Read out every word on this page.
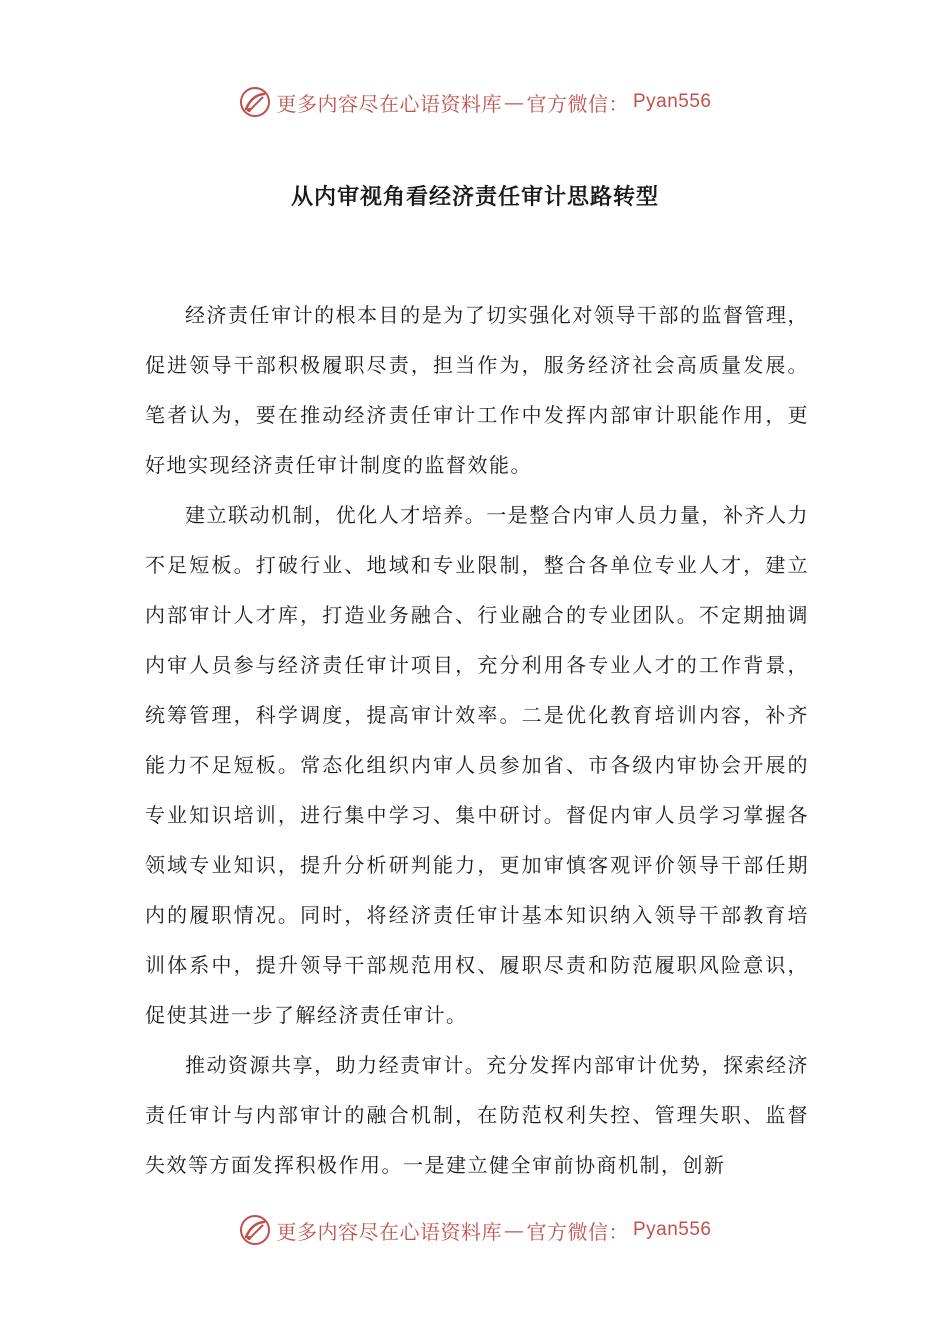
更多内容尽在心语资料库 — 官方微信： Pyan556
从内审视角看经济责任审计思路转型

经济责任审计的根本目的是为了切实强化对领导干部的监督管理，促进领导干部积极履职尽责，担当作为，服务经济社会高质量发展。笔者认为，要在推动经济责任审计工作中发挥内部审计职能作用，更好地实现经济责任审计制度的监督效能。

建立联动机制，优化人才培养。一是整合内审人员力量，补齐人力不足短板。打破行业、地域和专业限制，整合各单位专业人才，建立内部审计人才库，打造业务融合、行业融合的专业团队。不定期抽调内审人员参与经济责任审计项目，充分利用各专业人才的工作背景，统筹管理，科学调度，提高审计效率。二是优化教育培训内容，补齐能力不足短板。常态化组织内审人员参加省、市各级内审协会开展的专业知识培训，进行集中学习、集中研讨。督促内审人员学习掌握各领域专业知识，提升分析研判能力，更加审慎客观评价领导干部任期内的履职情况。同时，将经济责任审计基本知识纳入领导干部教育培训体系中，提升领导干部规范用权、履职尽责和防范履职风险意识，促使其进一步了解经济责任审计。

推动资源共享，助力经责审计。充分发挥内部审计优势，探索经济责任审计与内部审计的融合机制，在防范权利失控、管理失职、监督失效等方面发挥积极作用。一是建立健全审前协商机制，创新

更多内容尽在心语资料库 — 官方微信： Pyan556
